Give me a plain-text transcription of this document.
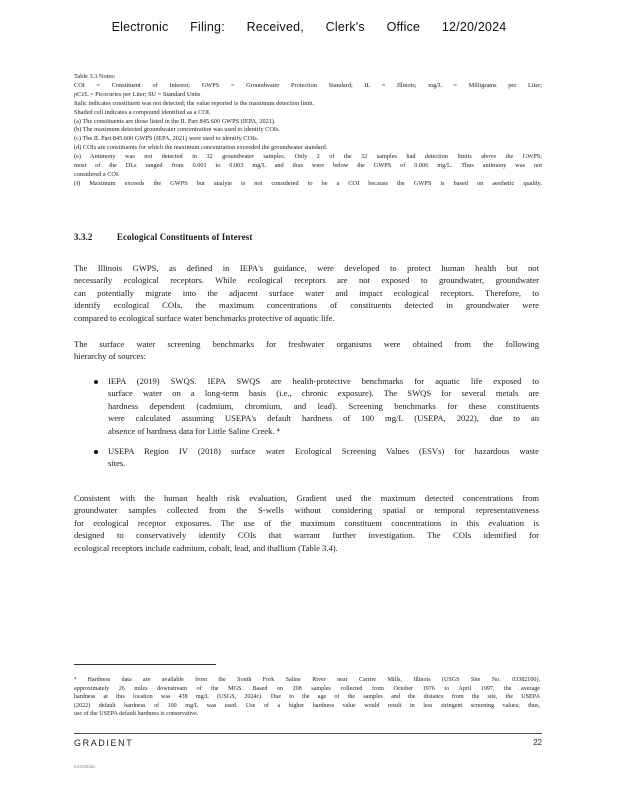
Electronic Filing: Received, Clerk's Office 12/20/2024

Table 3.3 Notes:

COI = Constituent of Interest; GWPS = Groundwater Protection Standard; IL = Illinois; mg/L = Milligrams per Liter;

pCi/L = Picocuries per Liter; SU = Standard Units

Italic indicates constituent was not detected; the value reported is the maximum detection limit.

Shaded cell indicates a compound identified as a COI.

(a) The constituents are those listed in the IL Part 845.600 GWPS (IEPA, 2021).

(b) The maximum detected groundwater concentration was used to identify COIs.

(c) The IL Part 845.600 GWPS (IEPA, 2021) were used to identify COIs.

(d) COIs are constituents for which the maximum concentration exceeded the groundwater standard.

(e) Antimony was not detected in 32 groundwater samples. Only 2 of the 32 samples had detection limits above the GWPS;

most of the DLs ranged from 0.001 to 0.003 mg/L and thus were below the GWPS of 0.006 mg/L. Thus antimony was not

considered a COI.

(f) Maximum exceeds the GWPS but analyte is not considered to be a COI because the GWPS is based on aesthetic quality.

3.3.2	Ecological Constituents of Interest

The Illinois GWPS, as defined in IEPA's guidance, were developed to protect human health but not

necessarily ecological receptors. While ecological receptors are not exposed to groundwater, groundwater

can potentially migrate into the adjacent surface water and impact ecological receptors. Therefore, to

identify ecological COIs, the maximum concentrations of constituents detected in groundwater were

compared to ecological surface water benchmarks protective of aquatic life.

The surface water screening benchmarks for freshwater organisms were obtained from the following

hierarchy of sources:

IEPA (2019) SWQS. IEPA SWQS are health-protective benchmarks for aquatic life exposed to

surface water on a long-term basis (i.e., chronic exposure). The SWQS for several metals are

hardness dependent (cadmium, chromium, and lead). Screening benchmarks for these constituents

were calculated assuming USEPA's default hardness of 100 mg/L (USEPA, 2022), due to an

absence of hardness data for Little Saline Creek. ⁴

USEPA Region IV (2018) surface water Ecological Screening Values (ESVs) for hazardous waste

sites.

Consistent with the human health risk evaluation, Gradient used the maximum detected concentrations from

groundwater samples collected from the S-wells without considering spatial or temporal representativeness

for ecological receptor exposures. The use of the maximum constituent concentrations in this evaluation is

designed to conservatively identify COIs that warrant further investigation. The COIs identified for

ecological receptors include cadmium, cobalt, lead, and thallium (Table 3.4).

⁴ Hardness data are available from the South Fork Saline River near Carrier Mills, Illinois (USGS Site No. 03382100),

approximately 26 miles downstream of the MGS. Based on 208 samples collected from October 1976 to April 1997, the average

hardness at this location was 438 mg/L (USGS, 2024c). Due to the age of the samples and the distance from the site, the USEPA

(2022) default hardness of 100 mg/L was used. Use of a higher hardness value would result in less stringent screening values; thus,

use of the USEPA default hardness is conservative.

GRADIENT	22
K2236fdoc
